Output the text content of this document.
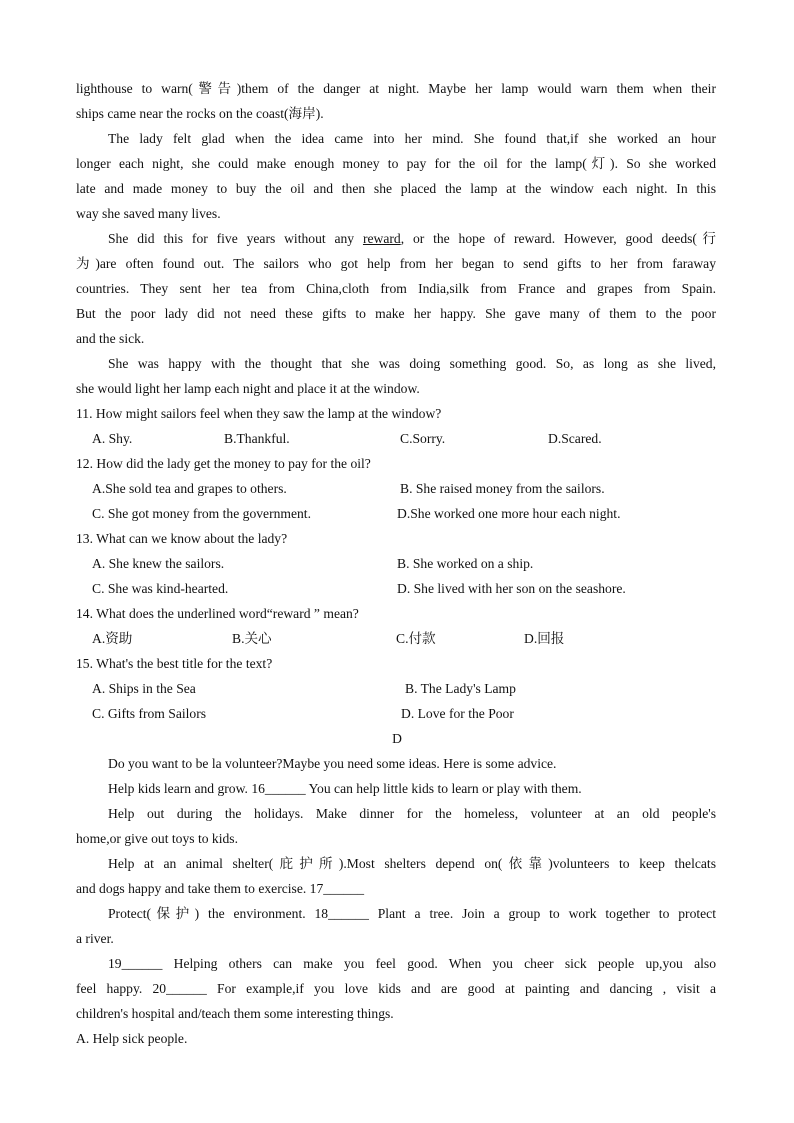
lighthouse to warn(警告)them of the danger at night. Maybe her lamp would warn them when their
ships came near the rocks on the coast(海岸).
The lady felt glad when the idea came into her mind. She found that,if she worked an hour
longer each night, she could make enough money to pay for the oil for the lamp(灯). So she worked
late and made money to buy the oil and then she placed the lamp at the window each night. In this
way she saved many lives.
She did this for five years without any reward, or the hope of reward. However, good deeds(行
为)are often found out. The sailors who got help from her began to send gifts to her from faraway
countries. They sent her tea from China,cloth from India,silk from France and grapes from Spain.
But the poor lady did not need these gifts to make her happy. She gave many of them to the poor
and the sick.
She was happy with the thought that she was doing something good. So, as long as she lived,
she would light her lamp each night and place it at the window.
11. How might sailors feel when they saw the lamp at the window?
A. Shy.	B.Thankful.	C.Sorry.	D.Scared.
12. How did the lady get the money to pay for the oil?
A.She sold tea and grapes to others.	B. She raised money from the sailors.
C. She got money from the government.	D.She worked one more hour each night.
13. What can we know about the lady?
A. She knew the sailors.	B. She worked on a ship.
C. She was kind-hearted.	D. She lived with her son on the seashore.
14. What does the underlined word“reward ” mean?
A.资助	B.关心	C.付款	D.回报
15. What's the best title for the text?
A. Ships in the Sea	B. The Lady's Lamp
C. Gifts from Sailors	D. Love for the Poor
D
Do you want to be la volunteer?Maybe you need some ideas. Here is some advice.
Help kids learn and grow. 16______ You can help little kids to learn or play with them.
Help out during the holidays. Make dinner for the homeless, volunteer at an old people's
home,or give out toys to kids.
Help at an animal shelter(庇护所).Most shelters depend on(依靠)volunteers to keep thelcats
and dogs happy and take them to exercise. 17______
Protect(保护) the environment. 18______ Plant a tree. Join a group to work together to protect
a river.
19______ Helping others can make you feel good. When you cheer sick people up,you also
feel happy. 20______ For example,if you love kids and are good at painting and dancing , visit a
children's hospital and/teach them some interesting things.
A. Help sick people.
